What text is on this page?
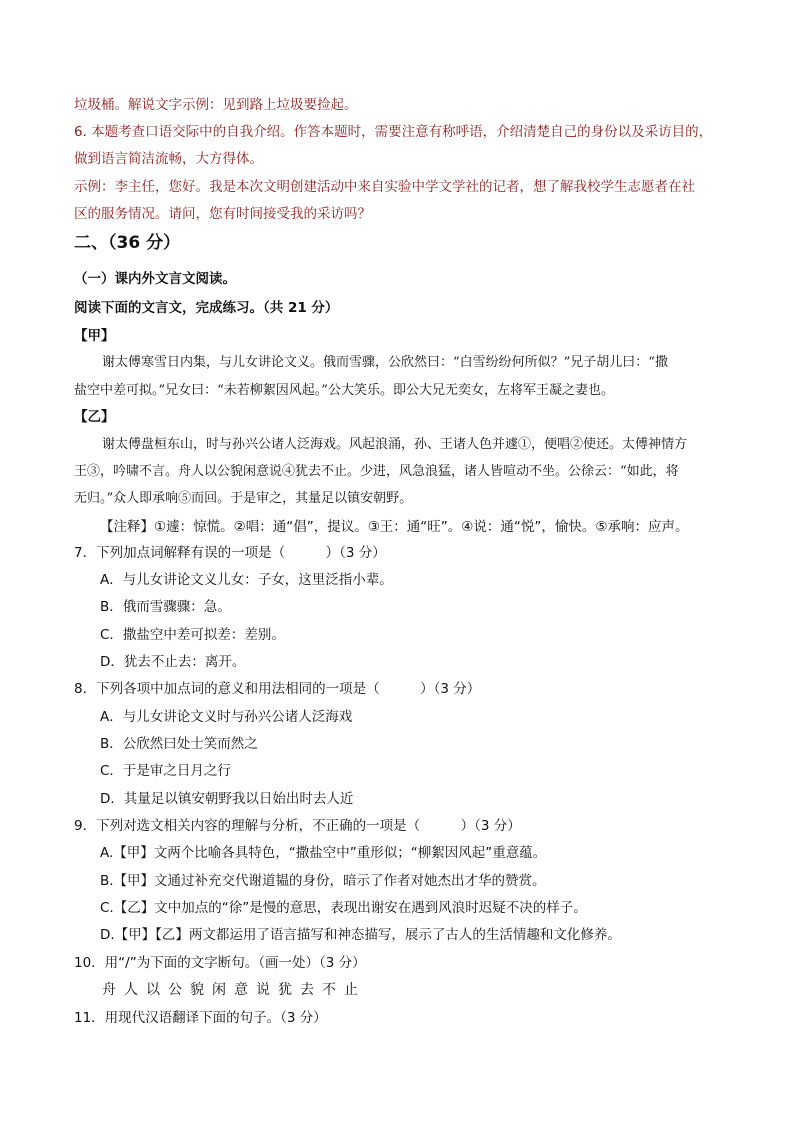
垃圾桶。解说文字示例：见到路上垃圾要捡起。
6. 本题考查口语交际中的自我介绍。作答本题时，需要注意有称呼语，介绍清楚自己的身份以及采访目的，
做到语言简洁流畅，大方得体。
示例：李主任，您好。我是本次文明创建活动中来自实验中学文学社的记者，想了解我校学生志愿者在社
区的服务情况。请问，您有时间接受我的采访吗？
二、（36 分）
（一）课内外文言文阅读。
阅读下面的文言文，完成练习。（共 21 分）
【甲】
谢太傅寒雪日内集，与儿女讲论文义。俄而雪骤，公欣然曰：“白雪纷纷何所似？”兄子胡儿曰：“撒
盐空中差可拟。”兄女曰：“未若柳絮因风起。”公大笑乐。即公大兄无奕女，左将军王凝之妻也。
【乙】
谢太傅盘桓东山，时与孙兴公诸人泛海戏。风起浪涌，孙、王诸人色并遽①，便唱②使还。太傅神情方
王③，吟啸不言。舟人以公貌闲意说④犹去不止。少进，风急浪猛，诸人皆喧动不坐。公徐云：“如此，将
无归。”众人即承响⑤而回。于是审之，其量足以镇安朝野。
【注释】①遽：惊慌。②唱：通“倡”，提议。③王：通“旺”。④说：通“悦”，愉快。⑤承响：应声。
7．下列加点词解释有误的一项是（　　　）（3 分）
A．与儿女讲论文义儿女：子女，这里泛指小辈。
B．俄而雪骤骤：急。
C．撒盐空中差可拟差：差别。
D．犹去不止去：离开。
8．下列各项中加点词的意义和用法相同的一项是（　　　）（3 分）
A．与儿女讲论文义时与孙兴公诸人泛海戏
B．公欣然曰处士笑而然之
C．于是审之日月之行
D．其量足以镇安朝野我以日始出时去人近
9．下列对选文相关内容的理解与分析，不正确的一项是（　　　）（3 分）
A.【甲】文两个比喻各具特色，“撒盐空中”重形似；“柳絮因风起”重意蕴。
B.【甲】文通过补充交代谢道韫的身份，暗示了作者对她杰出才华的赞赏。
C.【乙】文中加点的“徐”是慢的意思，表现出谢安在遇到风浪时迟疑不决的样子。
D.【甲】【乙】两文都运用了语言描写和神态描写，展示了古人的生活情趣和文化修养。
10．用“/”为下面的文字断句。（画一处）（3 分）
舟人以公貌闲意说犹去不止
11．用现代汉语翻译下面的句子。（3 分）
